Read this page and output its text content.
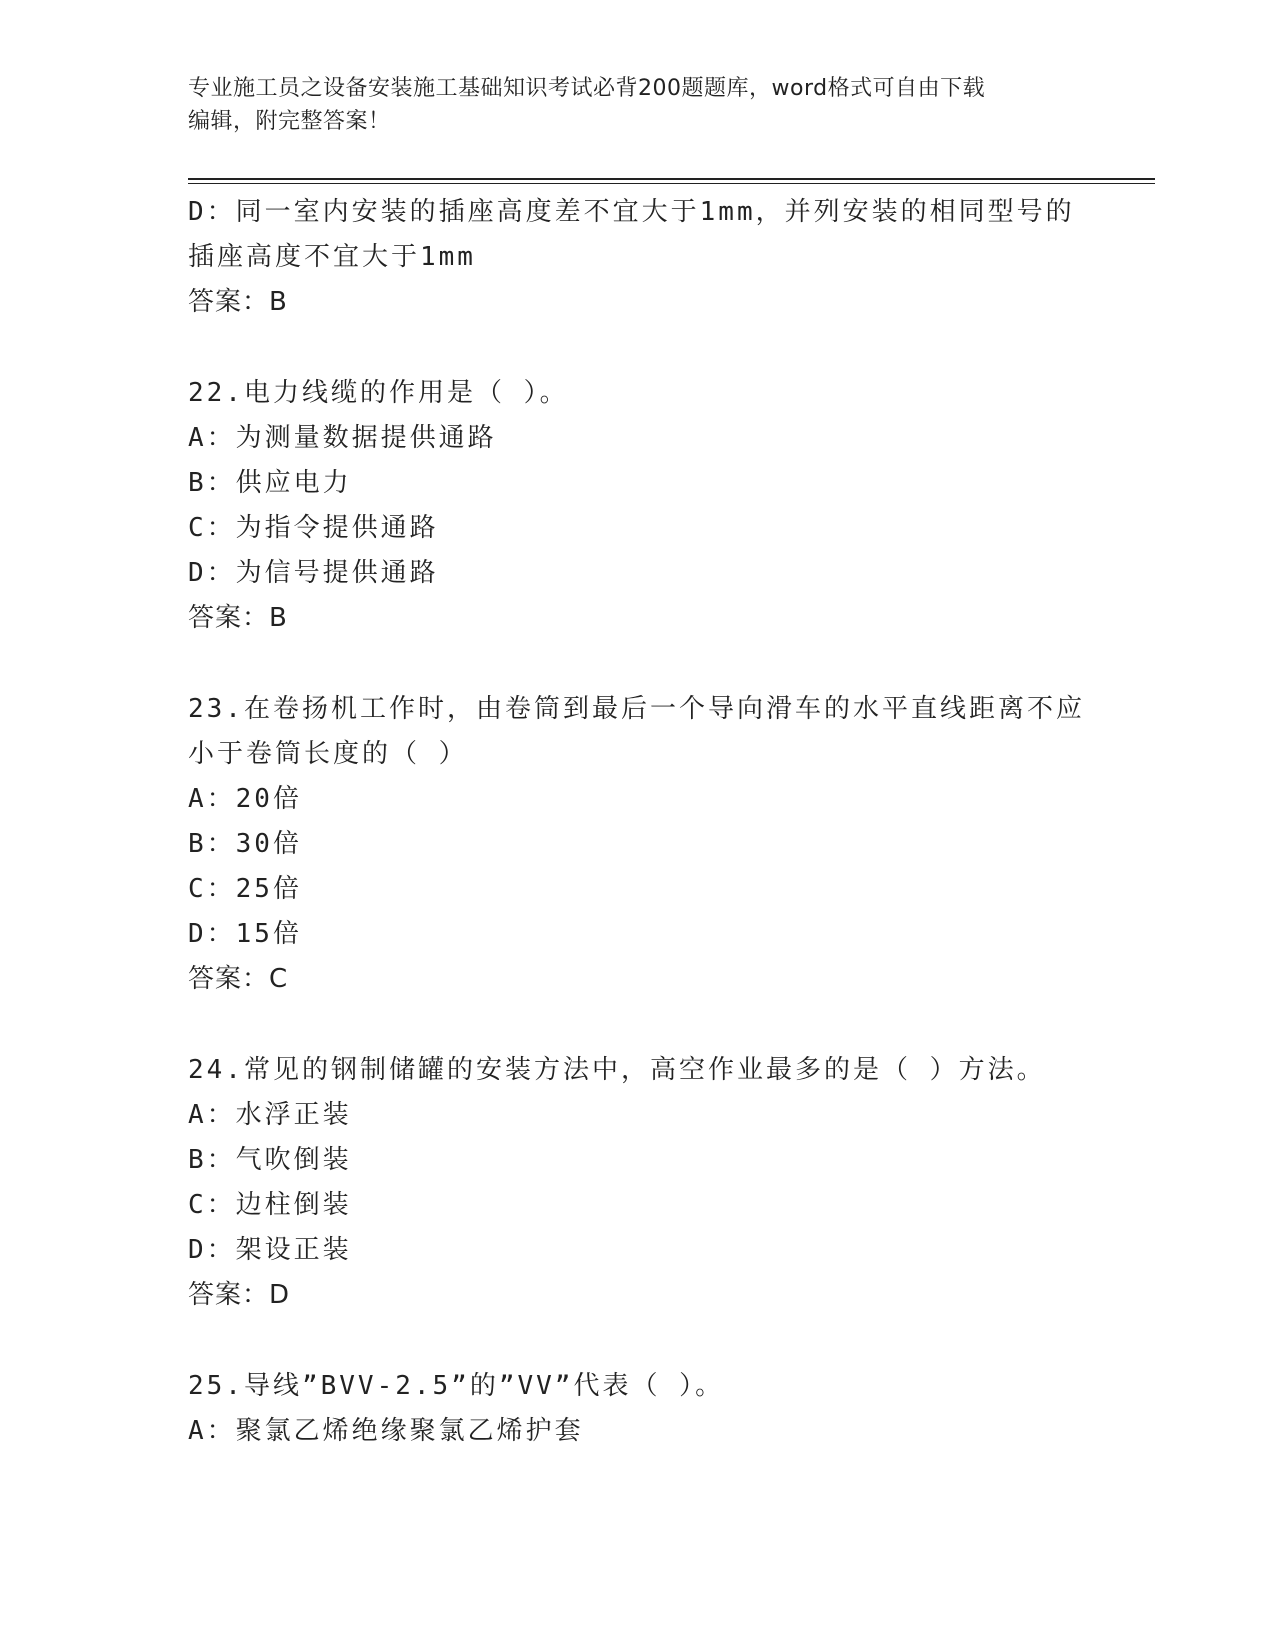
专业施工员之设备安装施工基础知识考试必背200题题库，word格式可自由下载
编辑，附完整答案！
D：同一室内安装的插座高度差不宜大于1mm，并列安装的相同型号的
插座高度不宜大于1mm
答案：B
22.电力线缆的作用是（ ）。
A：为测量数据提供通路
B：供应电力
C：为指令提供通路
D：为信号提供通路
答案：B
23.在卷扬机工作时，由卷筒到最后一个导向滑车的水平直线距离不应
小于卷筒长度的（ ）
A：20倍
B：30倍
C：25倍
D：15倍
答案：C
24.常见的钢制储罐的安装方法中，高空作业最多的是（ ）方法。
A：水浮正装
B：气吹倒装
C：边柱倒装
D：架设正装
答案：D
25.导线”BVV-2.5”的”VV”代表（ ）。
A：聚氯乙烯绝缘聚氯乙烯护套
